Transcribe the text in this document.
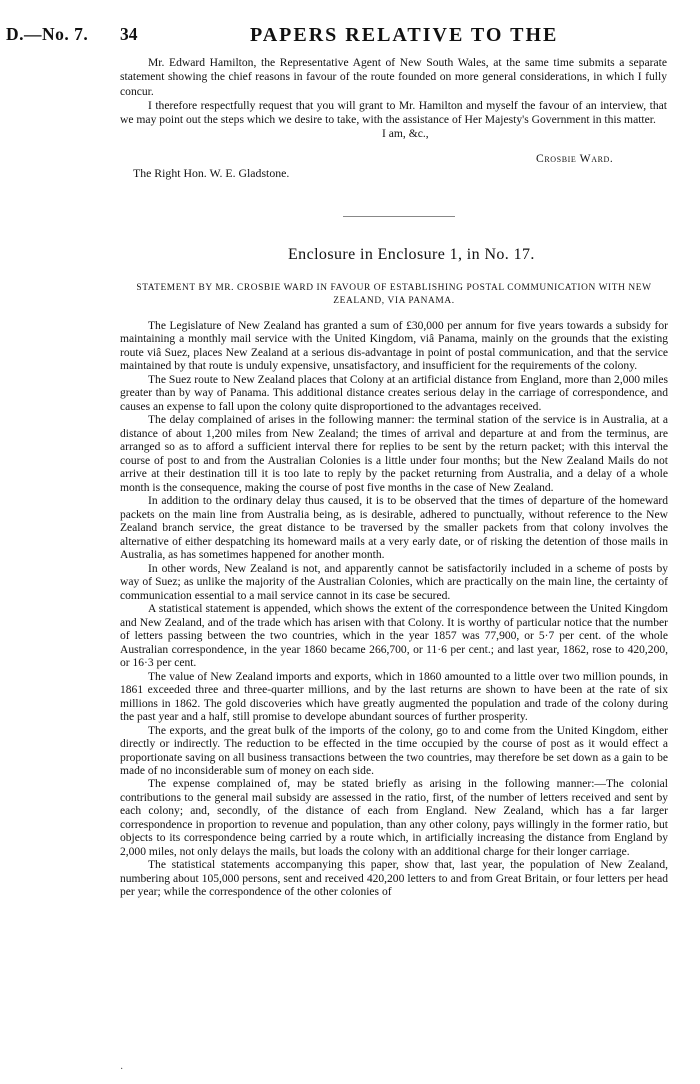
D.—No. 7. 34	PAPERS RELATIVE TO THE

Mr. Edward Hamilton, the Representative Agent of New South Wales, at the same time submits a separate statement showing the chief reasons in favour of the route founded on more general considerations, in which I fully concur.

I therefore respectfully request that you will grant to Mr. Hamilton and myself the favour of an interview, that we may point out the steps which we desire to take, with the assistance of Her Majesty's Government in this matter.

I am, &c.,

Crosbie Ward.
The Right Hon. W. E. Gladstone.
Enclosure in Enclosure 1, in No. 17.
STATEMENT BY MR. CROSBIE WARD IN FAVOUR OF ESTABLISHING POSTAL COMMUNICATION WITH NEW ZEALAND, VIA PANAMA.

The Legislature of New Zealand has granted a sum of £30,000 per annum for five years towards a subsidy for maintaining a monthly mail service with the United Kingdom, viâ Panama, mainly on the grounds that the existing route viâ Suez, places New Zealand at a serious dis-advantage in point of postal communication, and that the service maintained by that route is unduly expensive, unsatisfactory, and insufficient for the requirements of the colony.

The Suez route to New Zealand places that Colony at an artificial distance from England, more than 2,000 miles greater than by way of Panama. This additional distance creates serious delay in the carriage of correspondence, and causes an expense to fall upon the colony quite disproportioned to the advantages received.

The delay complained of arises in the following manner: the terminal station of the service is in Australia, at a distance of about 1,200 miles from New Zealand; the times of arrival and departure at and from the terminus, are arranged so as to afford a sufficient interval there for replies to be sent by the return packet; with this interval the course of post to and from the Australian Colonies is a little under four months; but the New Zealand Mails do not arrive at their destination till it is too late to reply by the packet returning from Australia, and a delay of a whole month is the consequence, making the course of post five months in the case of New Zealand.

In addition to the ordinary delay thus caused, it is to be observed that the times of departure of the homeward packets on the main line from Australia being, as is desirable, adhered to punctually, without reference to the New Zealand branch service, the great distance to be traversed by the smaller packets from that colony involves the alternative of either despatching its homeward mails at a very early date, or of risking the detention of those mails in Australia, as has sometimes happened for another month.

In other words, New Zealand is not, and apparently cannot be satisfactorily included in a scheme of posts by way of Suez; as unlike the majority of the Australian Colonies, which are practically on the main line, the certainty of communication essential to a mail service cannot in its case be secured.

A statistical statement is appended, which shows the extent of the correspondence between the United Kingdom and New Zealand, and of the trade which has arisen with that Colony. It is worthy of particular notice that the number of letters passing between the two countries, which in the year 1857 was 77,900, or 5·7 per cent. of the whole Australian correspondence, in the year 1860 became 266,700, or 11·6 per cent.; and last year, 1862, rose to 420,200, or 16·3 per cent.

The value of New Zealand imports and exports, which in 1860 amounted to a little over two million pounds, in 1861 exceeded three and three-quarter millions, and by the last returns are shown to have been at the rate of six millions in 1862. The gold discoveries which have greatly augmented the population and trade of the colony during the past year and a half, still promise to develope abundant sources of further prosperity.

The exports, and the great bulk of the imports of the colony, go to and come from the United Kingdom, either directly or indirectly. The reduction to be effected in the time occupied by the course of post as it would effect a proportionate saving on all business transactions between the two countries, may therefore be set down as a gain to be made of no inconsiderable sum of money on each side.

The expense complained of, may be stated briefly as arising in the following manner:—The colonial contributions to the general mail subsidy are assessed in the ratio, first, of the number of letters received and sent by each colony; and, secondly, of the distance of each from England. New Zealand, which has a far larger correspondence in proportion to revenue and population, than any other colony, pays willingly in the former ratio, but objects to its correspondence being carried by a route which, in artificially increasing the distance from England by 2,000 miles, not only delays the mails, but loads the colony with an additional charge for their longer carriage.

The statistical statements accompanying this paper, show that, last year, the population of New Zealand, numbering about 105,000 persons, sent and received 420,200 letters to and from Great Britain, or four letters per head per year; while the correspondence of the other colonies of

·
